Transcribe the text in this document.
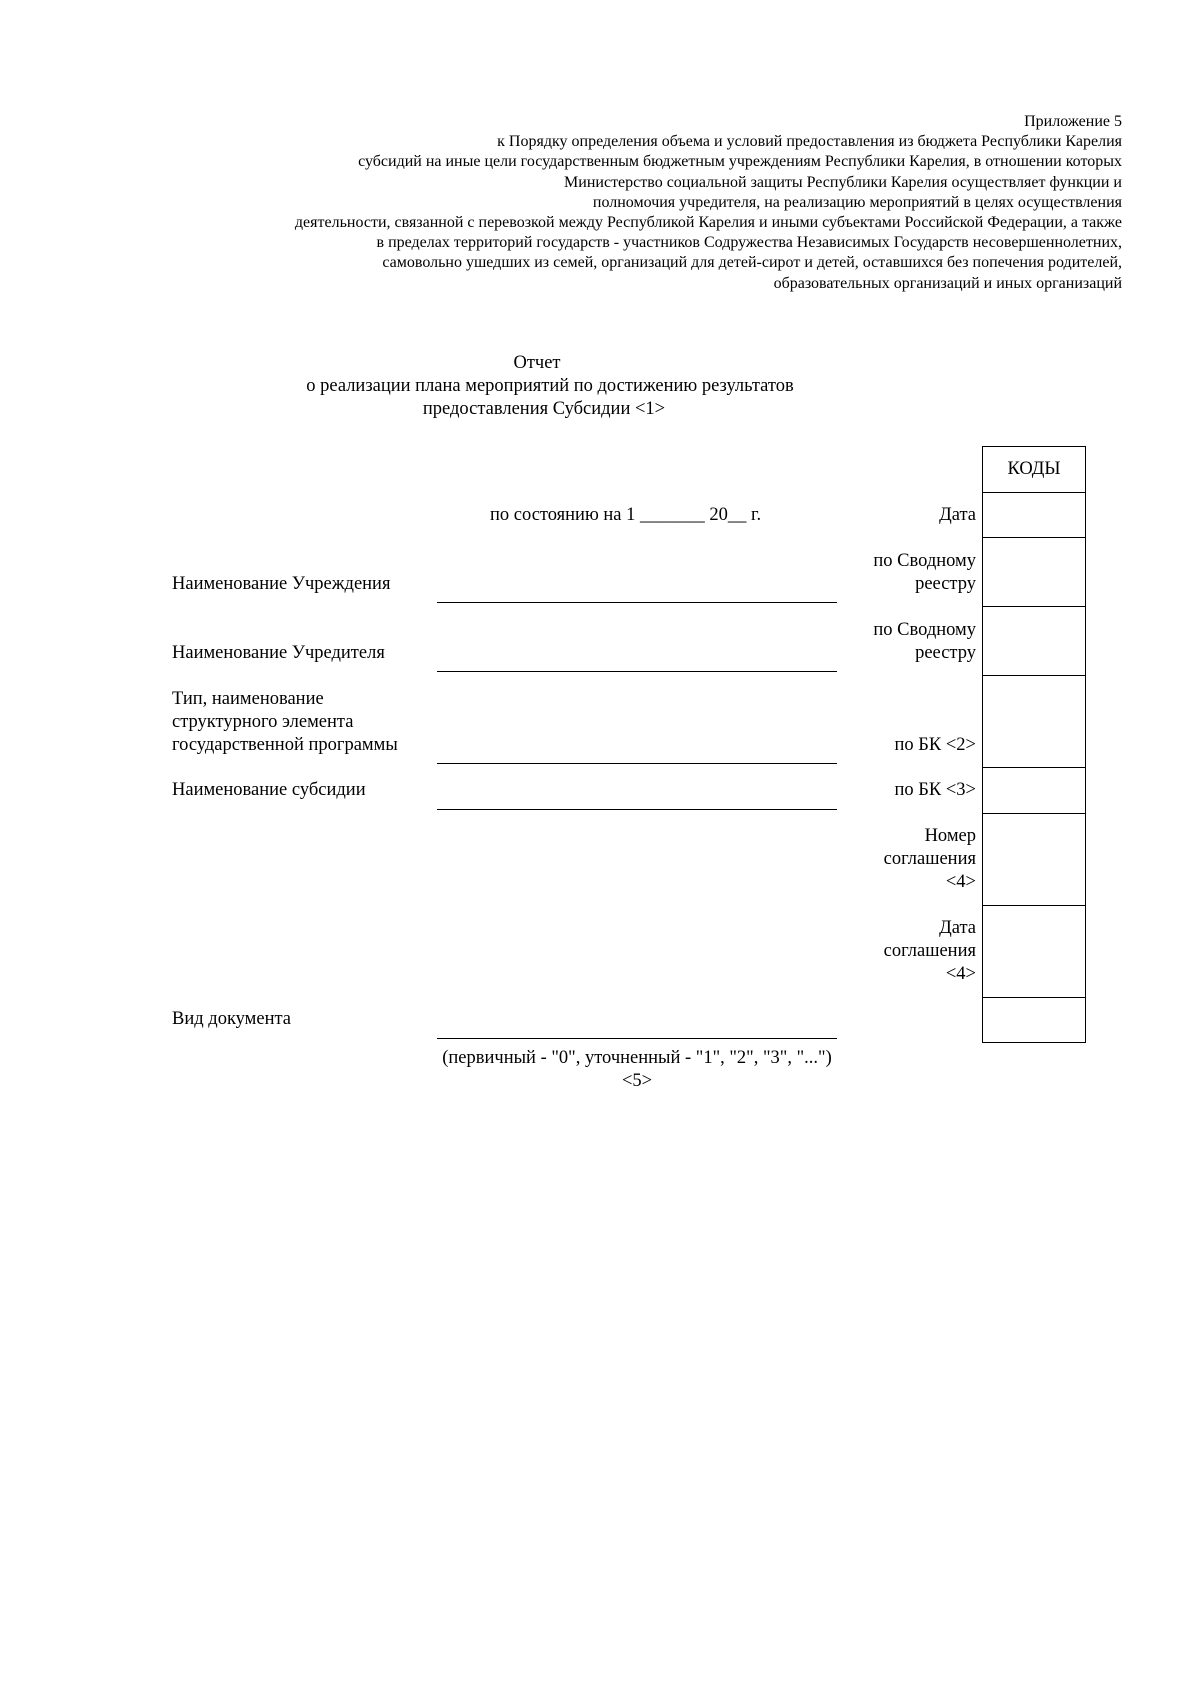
Приложение 5
к Порядку определения объема и условий предоставления из бюджета Республики Карелия
субсидий на иные цели государственным бюджетным учреждениям Республики Карелия, в отношении которых
Министерство социальной защиты Республики Карелия осуществляет функции и
полномочия учредителя, на реализацию мероприятий в целях осуществления
деятельности, связанной с перевозкой между Республикой Карелия и иными субъектами Российской Федерации, а также
в пределах территорий государств - участников Содружества Независимых Государств несовершеннолетних,
самовольно ушедших из семей, организаций для детей-сирот и детей, оставшихся без попечения родителей,
образовательных организаций и иных организаций
Отчет
о реализации плана мероприятий по достижению результатов
предоставления Субсидии <1>
по состоянию на 1 _______ 20__ г.
Наименование Учреждения
Наименование Учредителя
Тип, наименование
структурного элемента
государственной программы
Наименование субсидии
Вид документа
Дата
по Сводному
реестру
по Сводному
реестру
по БК <2>
по БК <3>
Номер
соглашения
<4>
Дата
соглашения
<4>
КОДЫ
(первичный - "0", уточненный - "1", "2", "3", "...") <5>
